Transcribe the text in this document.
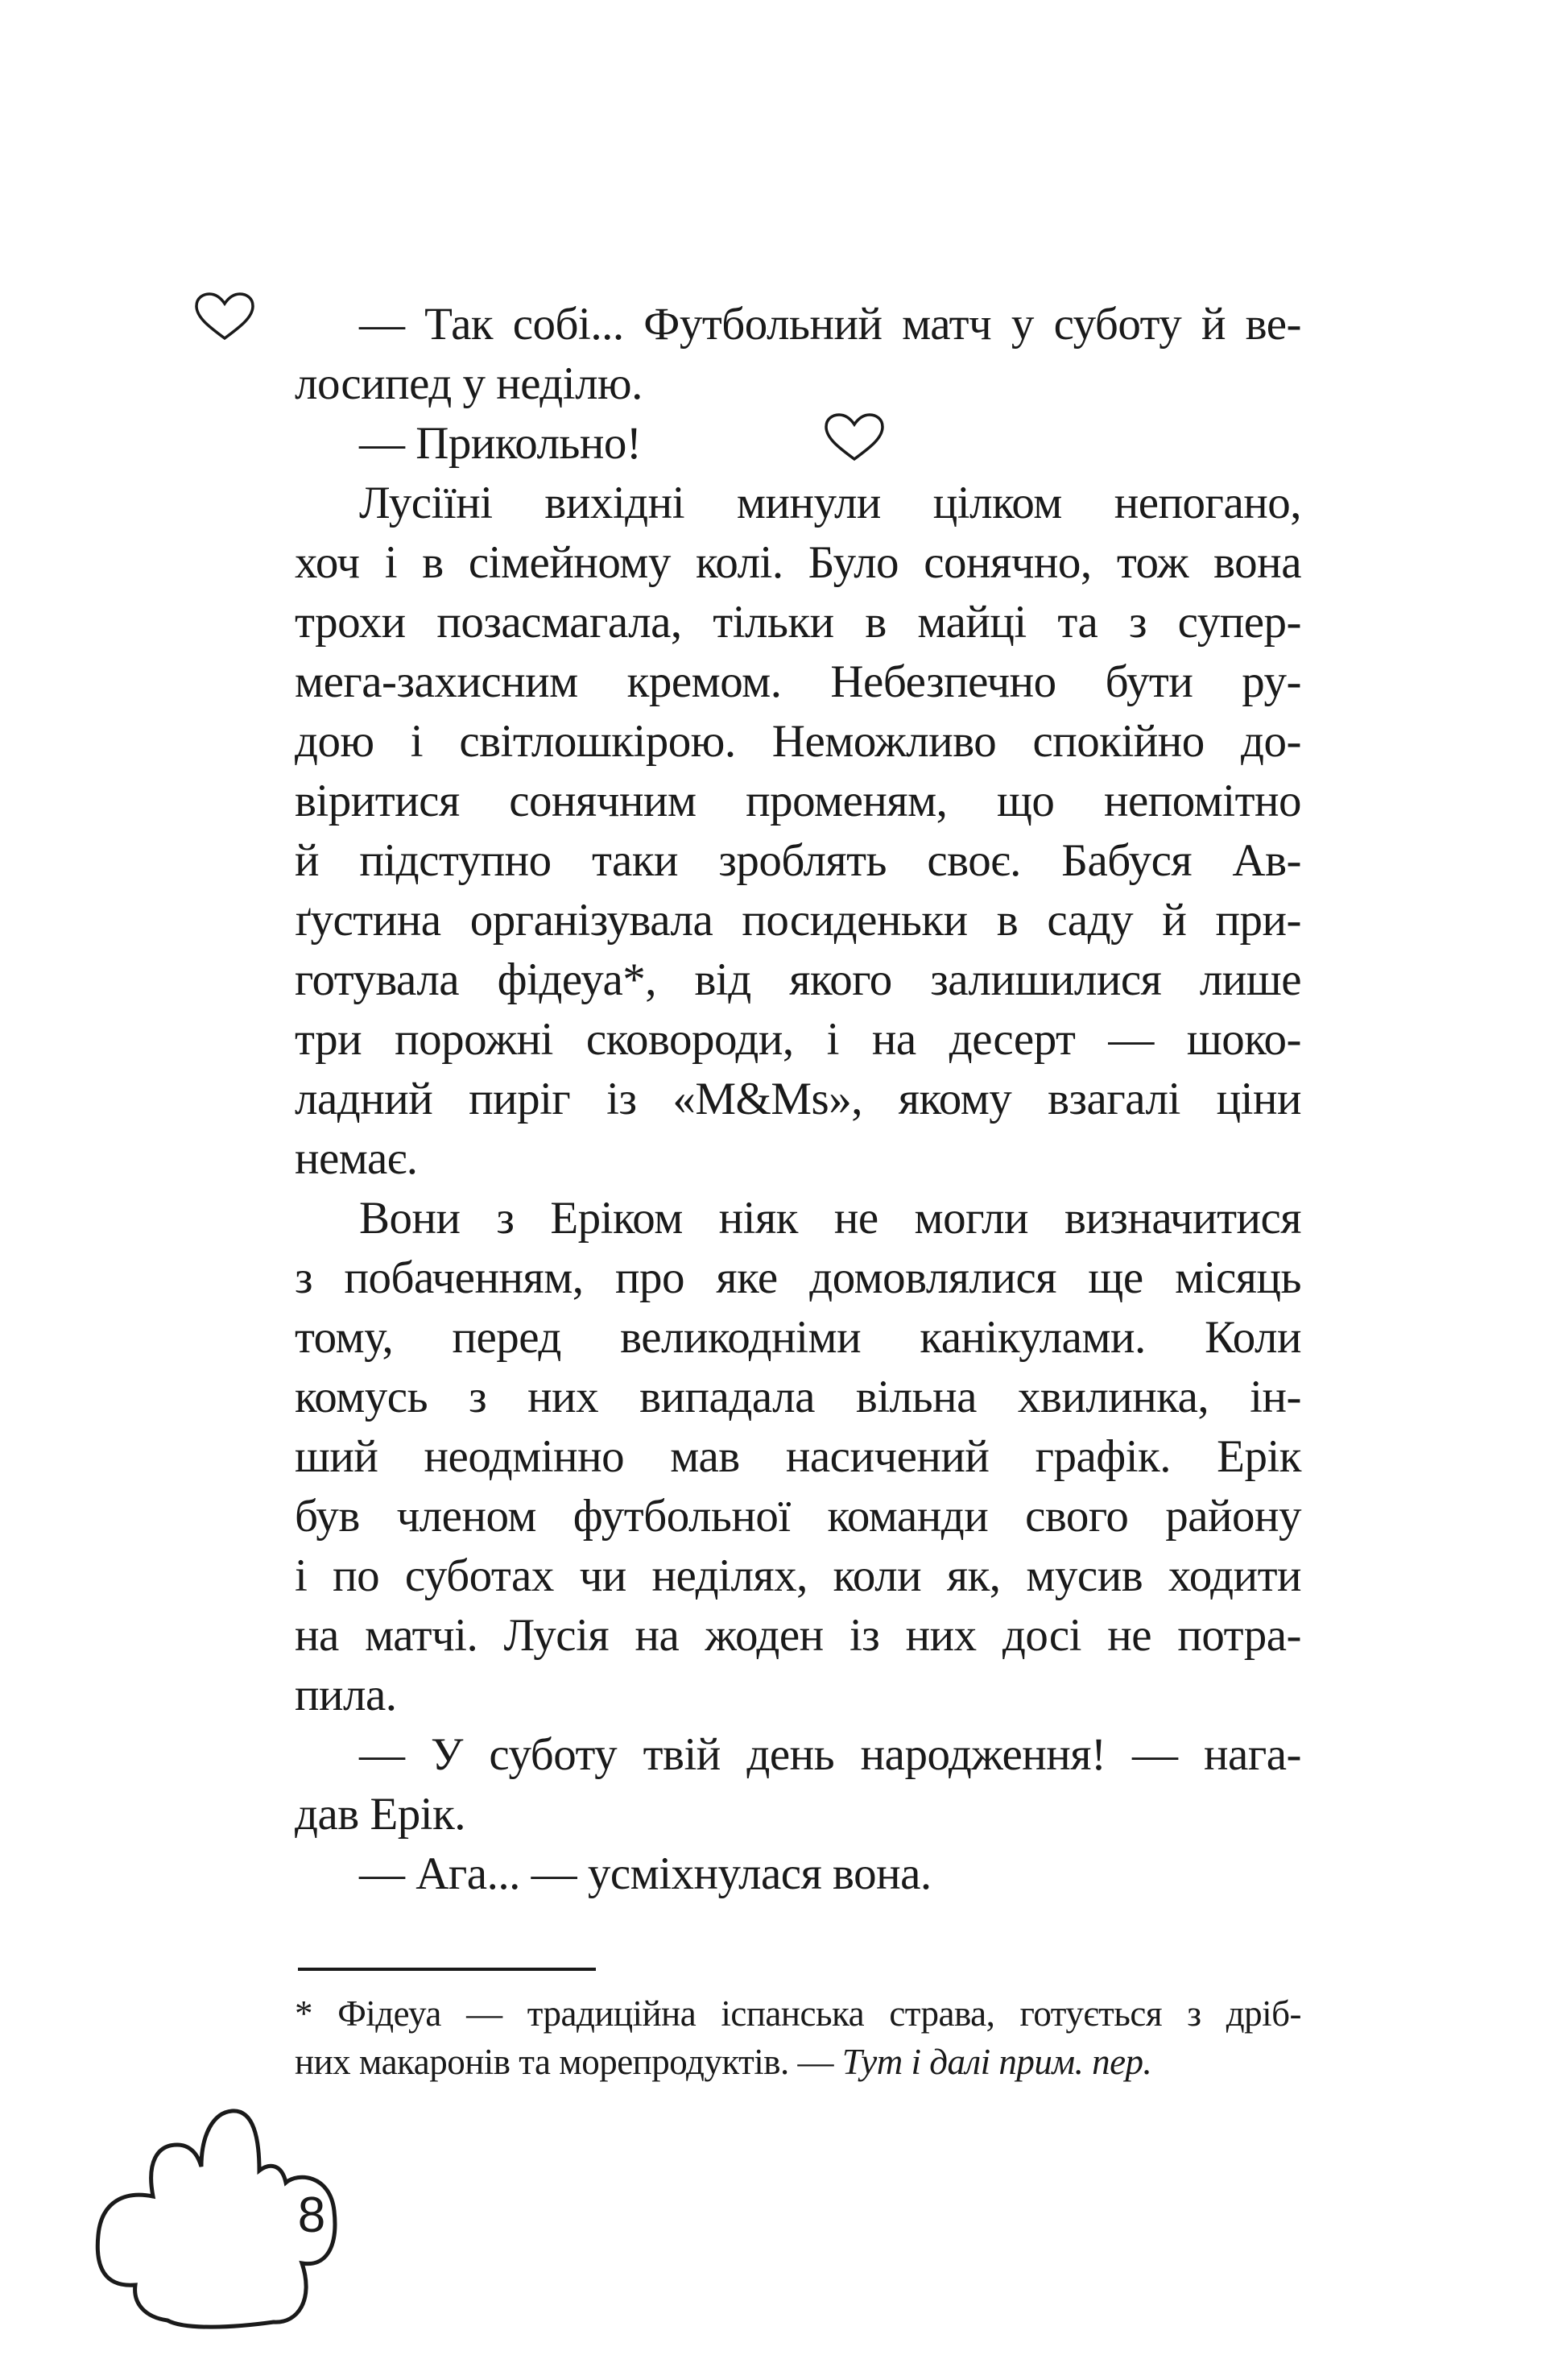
— Так собі... Футбольний матч у суботу й ве-
лосипед у неділю.
— Прикольно!
Лусіїні вихідні минули цілком непогано,
хоч і в сімейному колі. Було сонячно, тож вона
трохи позасмагала, тільки в майці та з супер-
мега-захисним кремом. Небезпечно бути ру-
дою і світлошкірою. Неможливо спокійно до-
віритися сонячним променям, що непомітно
й підступно таки зроблять своє. Бабуся Ав-
ґустина організувала посиденьки в саду й при-
готувала фідеуа*, від якого залишилися лише
три порожні сковороди, і на десерт — шоко-
ладний пиріг із «M&Ms», якому взагалі ціни
немає.
Вони з Еріком ніяк не могли визначитися
з побаченням, про яке домовлялися ще місяць
тому, перед великодніми канікулами. Коли
комусь з них випадала вільна хвилинка, ін-
ший неодмінно мав насичений графік. Ерік
був членом футбольної команди свого району
і по суботах чи неділях, коли як, мусив ходити
на матчі. Лусія на жоден із них досі не потра-
пила.
— У суботу твій день народження! — нага-
дав Ерік.
— Ага... — усміхнулася вона.
* Фідеуа — традиційна іспанська страва, готується з дріб-
них макаронів та морепродуктів. — Тут і далі прим. пер.
8
